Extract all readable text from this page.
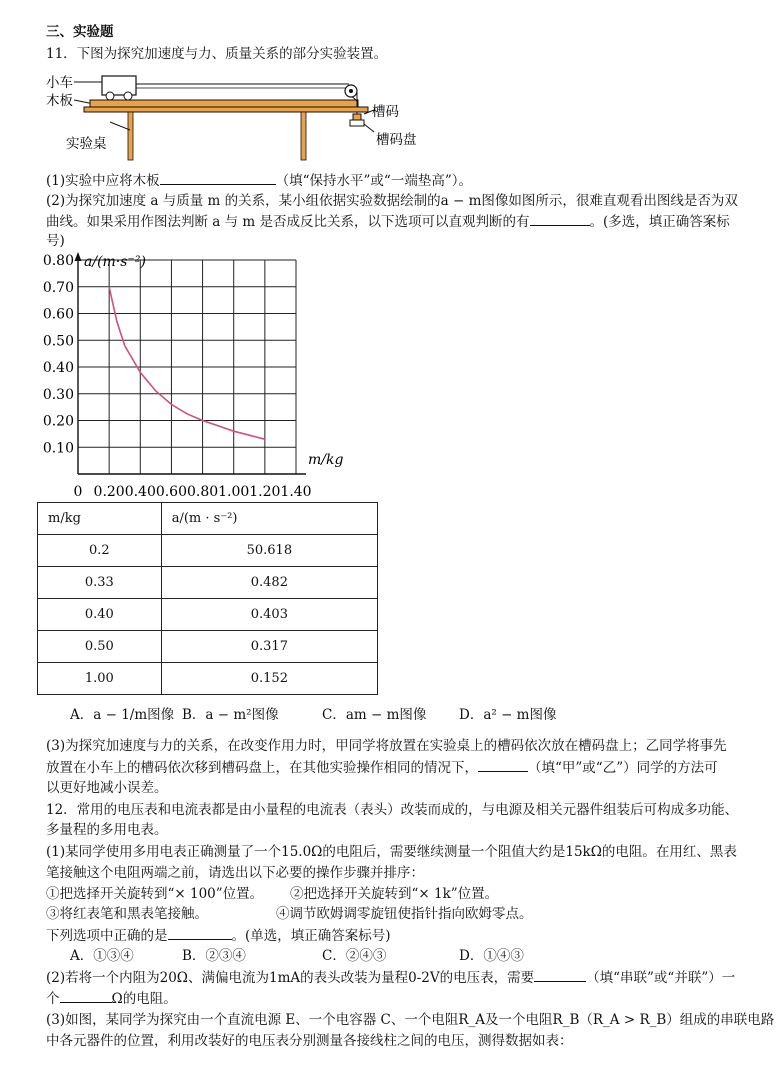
三、实验题
11．下图为探究加速度与力、质量关系的部分实验装置。
小车
木板
槽码
槽码盘
实验桌
(1)实验中应将木板	（填“保持水平”或“一端垫高”）。
(2)为探究加速度 a 与质量 m 的关系，某小组依据实验数据绘制的a − m图像如图所示，很难直观看出图线是否为双
曲线。如果采用作图法判断 a 与 m 是否成反比关系，以下选项可以直观判断的有	。(多选，填正确答案标
号)
0.10
0.20
0.30
0.40
0.50
0.60
0.70
0.80
0 0.20 0.40 0.60 0.80 1.00 1.20 1.40
a/(m·s⁻²)
m/kg
m/kg	a/(m · s⁻²)
0.2	50.618
0.33	0.482
0.40	0.403
0.50	0.317
1.00	0.152
A．a − 1/m图像 B．a − m²图像	C．am − m图像 D．a² − m图像
(3)为探究加速度与力的关系，在改变作用力时，甲同学将放置在实验桌上的槽码依次放在槽码盘上；乙同学将事先
放置在小车上的槽码依次移到槽码盘上，在其他实验操作相同的情况下，	（填“甲”或“乙”）同学的方法可
以更好地减小误差。
12．常用的电压表和电流表都是由小量程的电流表（表头）改装而成的，与电源及相关元器件组装后可构成多功能、
多量程的多用电表。
(1)某同学使用多用电表正确测量了一个15.0Ω的电阻后，需要继续测量一个阻值大约是15kΩ的电阻。在用红、黑表
笔接触这个电阻两端之前，请选出以下必要的操作步骤并排序：
①把选择开关旋转到“× 100”位置。 ②把选择开关旋转到“× 1k”位置。
③将红表笔和黑表笔接触。	④调节欧姆调零旋钮使指针指向欧姆零点。
下列选项中正确的是	。(单选，填正确答案标号)
A．①③④	B．②③④	C．②④③	D．①④③
(2)若将一个内阻为20Ω、满偏电流为1mA的表头改装为量程0-2V的电压表，需要	（填“串联”或“并联”）一
个	Ω的电阻。
(3)如图，某同学为探究由一个直流电源 E、一个电容器 C、一个电阻R_A及一个电阻R_B（R_A > R_B）组成的串联电路
中各元器件的位置，利用改装好的电压表分别测量各接线柱之间的电压，测得数据如表：
